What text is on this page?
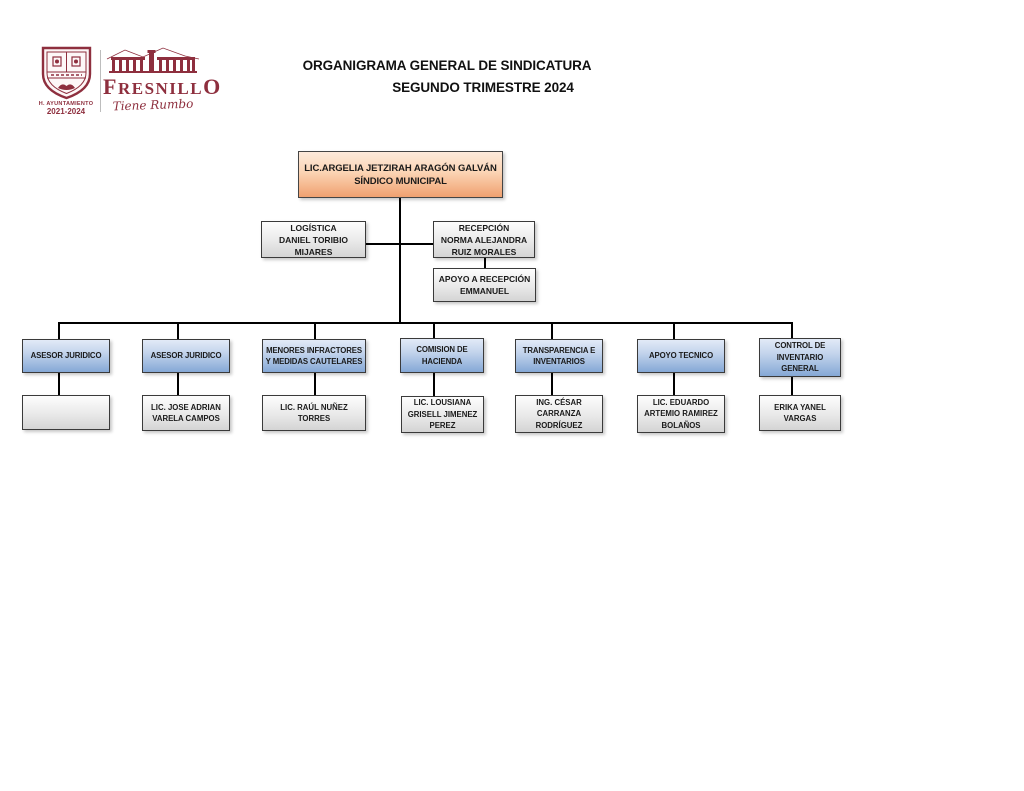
H. AYUNTAMIENTO
2021-2024
FRESNILLO
Tiene Rumbo
ORGANIGRAMA GENERAL DE SINDICATURA
SEGUNDO TRIMESTRE 2024
LIC.ARGELIA JETZIRAH ARAGÓN GALVÁN
SÍNDICO MUNICIPAL
LOGÍSTICA
DANIEL TORIBIO
MIJARES
RECEPCIÓN
NORMA ALEJANDRA
RUIZ MORALES
APOYO A RECEPCIÓN
EMMANUEL
ASESOR JURIDICO	ASESOR JURIDICO
LIC. JOSE ADRIAN
VARELA CAMPOS
MENORES INFRACTORES
Y MEDIDAS CAUTELARES
LIC. RAÚL NUÑEZ
TORRES
COMISION DE
HACIENDA
LIC. LOUSIANA
GRISELL JIMENEZ
PEREZ
TRANSPARENCIA E
INVENTARIOS
ING. CÉSAR
CARRANZA
RODRÍGUEZ
APOYO TECNICO
LIC. EDUARDO
ARTEMIO RAMIREZ
BOLAÑOS
CONTROL DE
INVENTARIO
GENERAL
ERIKA YANEL
VARGAS
